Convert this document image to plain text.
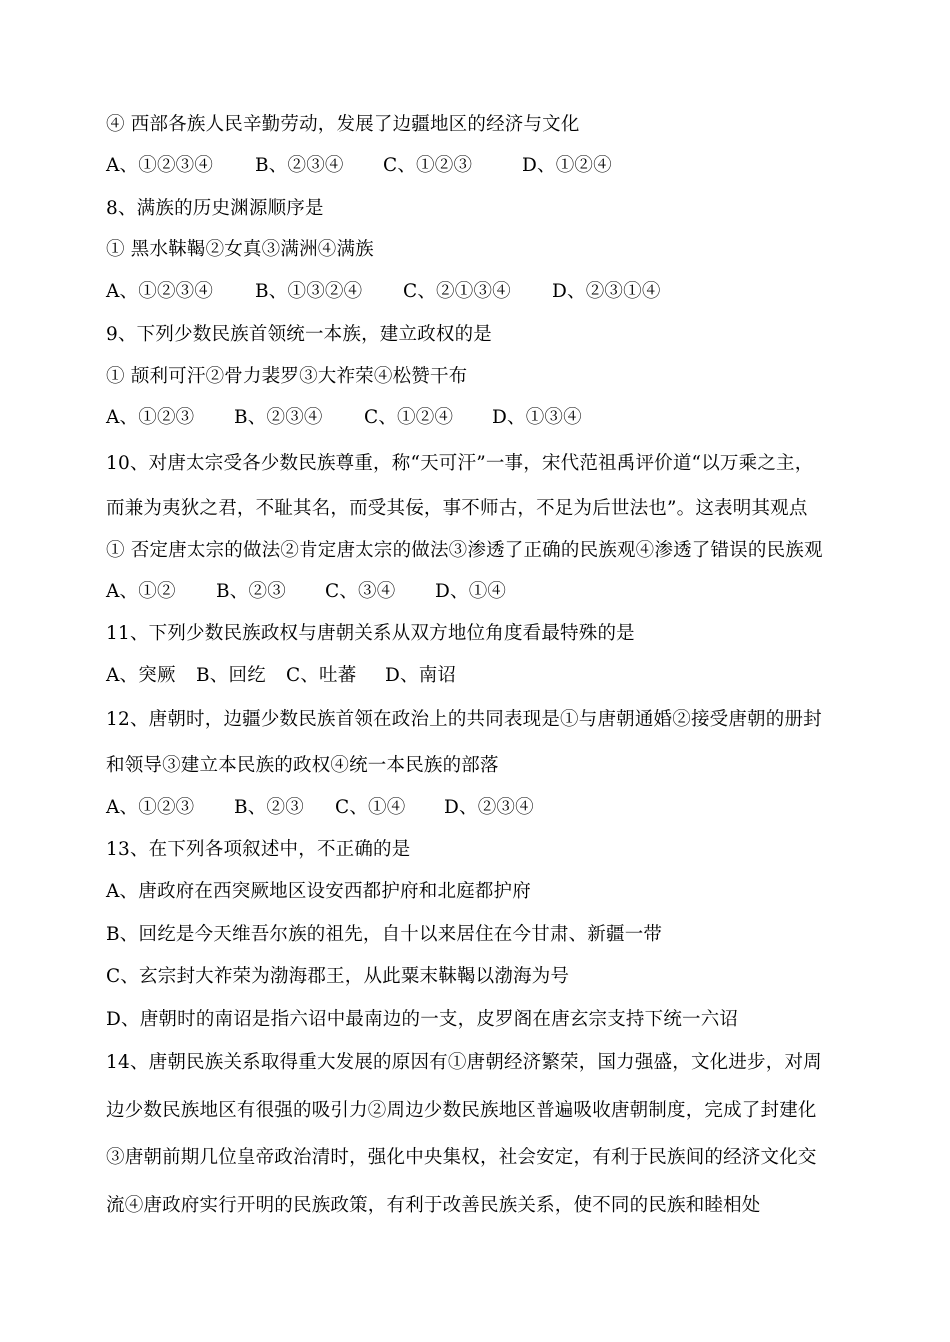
④ 西部各族人民辛勤劳动，发展了边疆地区的经济与文化
A、①②③④ B、②③④ C、①②③	D、①②④
8、满族的历史渊源顺序是
① 黑水靺鞨②女真③满洲④满族
A、①②③④ B、①③②④ C、②①③④ D、②③①④
9、下列少数民族首领统一本族，建立政权的是
① 颉利可汗②骨力裴罗③大祚荣④松赞干布
A、①②③ B、②③④ C、①②④ D、①③④
10、对唐太宗受各少数民族尊重，称“天可汗”一事，宋代范祖禹评价道“以万乘之主，
而兼为夷狄之君，不耻其名，而受其佞，事不师古，不足为后世法也”。这表明其观点
① 否定唐太宗的做法②肯定唐太宗的做法③渗透了正确的民族观④渗透了错误的民族观
A、①② B、②③ C、③④ D、①④
11、下列少数民族政权与唐朝关系从双方地位角度看最特殊的是
A、突厥 B、回纥 C、吐蕃 D、南诏
12、唐朝时，边疆少数民族首领在政治上的共同表现是①与唐朝通婚②接受唐朝的册封
和领导③建立本民族的政权④统一本民族的部落
A、①②③ B、②③ C、①④ D、②③④
13、在下列各项叙述中，不正确的是
A、唐政府在西突厥地区设安西都护府和北庭都护府
B、回纥是今天维吾尔族的祖先，自十以来居住在今甘肃、新疆一带
C、玄宗封大祚荣为渤海郡王，从此粟末靺鞨以渤海为号
D、唐朝时的南诏是指六诏中最南边的一支，皮罗阁在唐玄宗支持下统一六诏
14、唐朝民族关系取得重大发展的原因有①唐朝经济繁荣，国力强盛，文化进步，对周
边少数民族地区有很强的吸引力②周边少数民族地区普遍吸收唐朝制度，完成了封建化
③唐朝前期几位皇帝政治清时，强化中央集权，社会安定，有利于民族间的经济文化交
流④唐政府实行开明的民族政策，有利于改善民族关系，使不同的民族和睦相处
